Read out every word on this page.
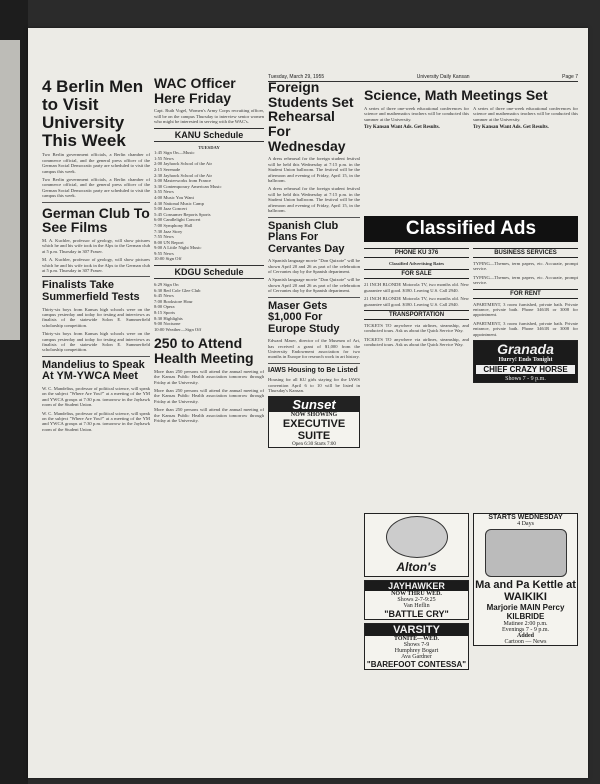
Tuesday, March 29, 1955	University Daily Kansan	Page 7
4 Berlin Men to Visit University This Week

Two Berlin government officials, a Berlin chamber of commerce official, and the general press officer of the German Social Democratic party are scheduled to visit the campus this week.

Two Berlin government officials, a Berlin chamber of commerce official, and the general press officer of the German Social Democratic party are scheduled to visit the campus this week.

German Club To See Films

M. A. Kuchler, professor of geology, will show pictures which he and his wife took in the Alps to the German club at 5 p.m. Thursday in 307 Fraser.

M. A. Kuchler, professor of geology, will show pictures which he and his wife took in the Alps to the German club at 5 p.m. Thursday in 307 Fraser.

Finalists Take Summerfield Tests

Thirty-six boys from Kansas high schools were on the campus yesterday and today for testing and interviews as finalists of the statewide Solon E. Summerfield scholarship competition.

Thirty-six boys from Kansas high schools were on the campus yesterday and today for testing and interviews as finalists of the statewide Solon E. Summerfield scholarship competition.

Mandelius to Speak At YM-YWCA Meet

W. C. Mandelius, professor of political science, will speak on the subject "Where Are You?" at a meeting of the YM and YWCA groups at 7:30 p.m. tomorrow in the Jayhawk room of the Student Union.

W. C. Mandelius, professor of political science, will speak on the subject "Where Are You?" at a meeting of the YM and YWCA groups at 7:30 p.m. tomorrow in the Jayhawk room of the Student Union.

WAC Officer Here Friday

Capt. Ruth Vogel, Women's Army Corps recruiting officer, will be on the campus Thursday to interview senior women who might be interested in serving with the WAC's.

KANU Schedule
TUESDAY
1:45 Sign On—Music
1:55 News
2:00 Jayhawk School of the Air
2:15 Serenade
2:30 Jayhawk School of the Air
3:00 Masterworks from France
3:30 Contemporary American Music
3:55 News
4:00 Music You Want
4:30 National Music Camp
5:00 Jazz Concert
5:45 Consumer Reports Sports
6:00 Candlelight Concert
7:00 Symphony Hall
7:30 Jazz Story
7:55 News
8:00 UN Report
9:00 A Little Night Music
9:55 News
10:00 Sign Off
KDGU Schedule
6:29 Sign On
6:30 Red Cole Glee Club
6:45 News
7:00 Bookstore Hour
8:00 Opera
8:15 Sports
8:30 Highlights
9:00 Nocturne
10:00 Weather—Sign Off
250 to Attend Health Meeting

More than 250 persons will attend the annual meeting of the Kansas Public Health association tomorrow through Friday at the University.

More than 250 persons will attend the annual meeting of the Kansas Public Health association tomorrow through Friday at the University.

More than 250 persons will attend the annual meeting of the Kansas Public Health association tomorrow through Friday at the University.

Foreign Students Set Rehearsal For Wednesday

A dress rehearsal for the foreign student festival will be held this Wednesday at 7:15 p.m. in the Student Union ballroom. The festival will be the afternoon and evening of Friday, April 15, in the ballroom.

A dress rehearsal for the foreign student festival will be held this Wednesday at 7:15 p.m. in the Student Union ballroom. The festival will be the afternoon and evening of Friday, April 15, in the ballroom.

Spanish Club Plans For Cervantes Day

A Spanish language movie "Don Quixote" will be shown April 20 and 26 as part of the celebration of Cervantes day by the Spanish department.

A Spanish language movie "Don Quixote" will be shown April 20 and 26 as part of the celebration of Cervantes day by the Spanish department.

Maser Gets $1,000 For Europe Study

Edward Maser, director of the Museum of Art, has received a grant of $1,000 from the University Endowment association for two months in Europe for research work in art history.

IAWS Housing to Be Listed

Housing for all KU girls staying for the IAWS convention April 6 to 10 will be listed in Thursday's Kansan.

Sunset
NOW SHOWING
EXECUTIVE SUITE
Open 6:30 Starts 7:00
Science, Math Meetings Set

A series of three one-week educational conferences for science and mathematics teachers will be conducted this summer at the University.

A series of three one-week educational conferences for science and mathematics teachers will be conducted this summer at the University.

Try Kansan Want Ads. Get Results.	Try Kansan Want Ads. Get Results.
Classified Ads
PHONE KU 376
Classified Advertising Rates
FOR SALE

21 INCH BLONDE Motorola TV, two months old. New guarantee still good. $180. Leaving U.S. Call 2940.

21 INCH BLONDE Motorola TV, two months old. New guarantee still good. $180. Leaving U.S. Call 2940.

TRANSPORTATION

TICKETS TO anywhere via airlines, steamship, and conducted tours. Ask us about the Quick Service Way.

TICKETS TO anywhere via airlines, steamship, and conducted tours. Ask us about the Quick Service Way.

BUSINESS SERVICES

TYPING—Themes, term papers, etc. Accurate, prompt service.

TYPING—Themes, term papers, etc. Accurate, prompt service.

FOR RENT

APARTMENT, 3 room furnished, private bath. Private entrance, private bath. Phone 3461R or 3008 for appointment.

APARTMENT, 3 room furnished, private bath. Private entrance, private bath. Phone 3461R or 3008 for appointment.

Granada
Hurry! Ends Tonight
CHIEF CRAZY HORSE
Shows 7 - 9 p.m.
Alton's
JAYHAWKER
NOW THRU WED.
Shows 2-7-9:25
Van Heflin
"BATTLE CRY"
VARSITY
TONITE—WED.
Shows 7-9
Humphrey Bogart
Ava Gardner
"BAREFOOT CONTESSA"
STARTS WEDNESDAY
4 Days
Ma and Pa Kettle at WAIKIKI
Marjorie MAIN Percy KILBRIDE
Matinee 2:00 p.m.
Evenings 7 - 9 p.m.
Added
Cartoon — News
